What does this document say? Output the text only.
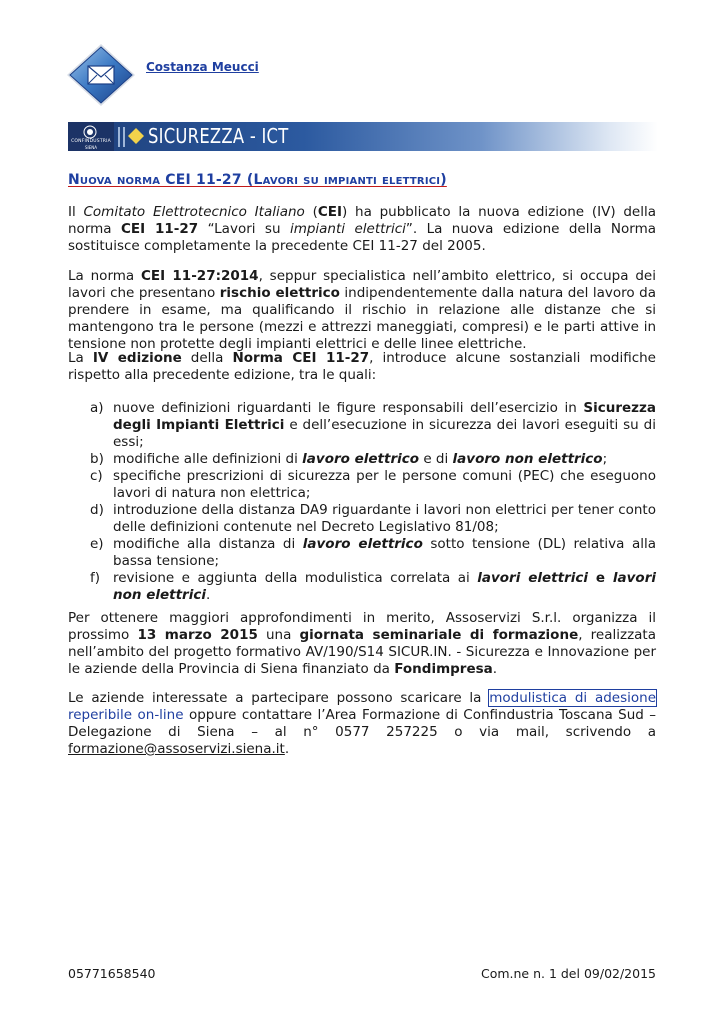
Costanza Meucci
CONFINDUSTRIA
SIENA	SICUREZZA - ICT
Nuova norma CEI 11-27 (Lavori su impianti elettrici)
Il Comitato Elettrotecnico Italiano (CEI) ha pubblicato la nuova edizione (IV) della norma CEI 11-27 “Lavori su impianti elettrici”. La nuova edizione della Norma sostituisce completamente la precedente CEI 11-27 del 2005.
La norma CEI 11-27:2014, seppur specialistica nell’ambito elettrico, si occupa dei lavori che presentano rischio elettrico indipendentemente dalla natura del lavoro da prendere in esame, ma qualificando il rischio in relazione alle distanze che si mantengono tra le persone (mezzi e attrezzi maneggiati, compresi) e le parti attive in tensione non protette degli impianti elettrici e delle linee elettriche.
La IV edizione della Norma CEI 11-27, introduce alcune sostanziali modifiche rispetto alla precedente edizione, tra le quali:
a) nuove definizioni riguardanti le figure responsabili dell’esercizio in Sicurezza degli Impianti Elettrici e dell’esecuzione in sicurezza dei lavori eseguiti su di essi;
b) modifiche alle definizioni di lavoro elettrico e di lavoro non elettrico;
c) specifiche prescrizioni di sicurezza per le persone comuni (PEC) che eseguono lavori di natura non elettrica;
d) introduzione della distanza DA9 riguardante i lavori non elettrici per tener conto delle definizioni contenute nel Decreto Legislativo 81/08;
e) modifiche alla distanza di lavoro elettrico sotto tensione (DL) relativa alla bassa tensione;
f) revisione e aggiunta della modulistica correlata ai lavori elettrici e lavori non elettrici.
Per ottenere maggiori approfondimenti in merito, Assoservizi S.r.l. organizza il prossimo 13 marzo 2015 una giornata seminariale di formazione, realizzata nell’ambito del progetto formativo AV/190/S14 SICUR.IN. - Sicurezza e Innovazione per le aziende della Provincia di Siena finanziato da Fondimpresa.
Le aziende interessate a partecipare possono scaricare la modulistica di adesione reperibile on-line oppure contattare l’Area Formazione di Confindustria Toscana Sud – Delegazione di Siena – al n° 0577 257225 o via mail, scrivendo a formazione@assoservizi.siena.it.
05771658540	Com.ne n. 1 del 09/02/2015
